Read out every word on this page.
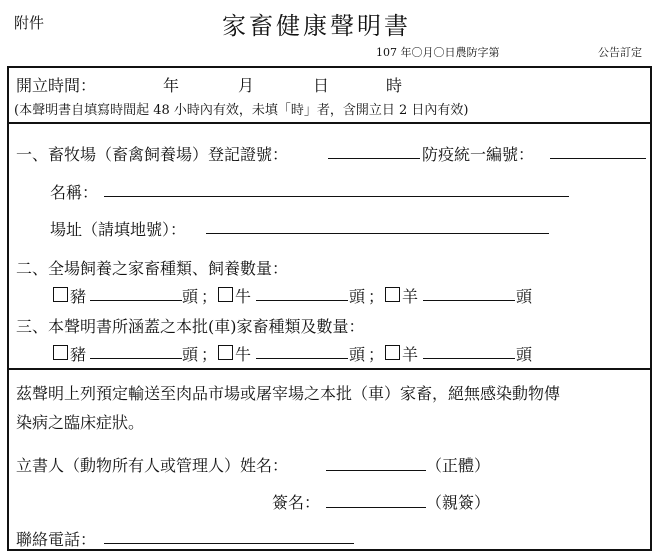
附件	家畜健康聲明書
107 年〇月〇日農防字第	公告訂定
開立時間：	年	月	日	時
(本聲明書自填寫時間起 48 小時內有效，未填「時」者，含開立日 2 日內有效)
一、畜牧場（畜禽飼養場）登記證號：	防疫統一編號：
名稱：
場址（請填地號）：
二、全場飼養之家畜種類、飼養數量：
豬	頭 ； 牛	頭 ； 羊	頭
三、本聲明書所涵蓋之本批(車)家畜種類及數量：
豬	頭 ； 牛	頭 ； 羊	頭
茲聲明上列預定輸送至肉品市場或屠宰場之本批（車）家畜，絕無感染動物傳
染病之臨床症狀。
立書人（動物所有人或管理人）姓名：	（正體）
簽名：	（親簽）
聯絡電話：
